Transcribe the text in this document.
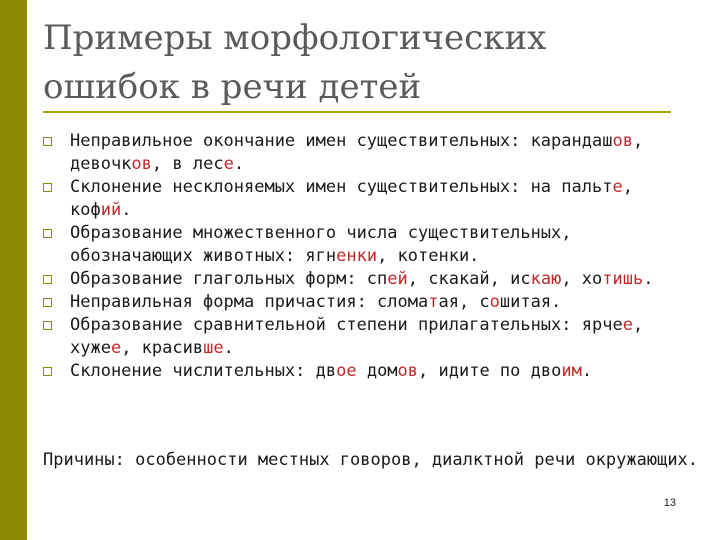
Примеры морфологических ошибок в речи детей
Неправильное окончание имен существительных: карандашов, девочков, в лесе.
Склонение несклоняемых имен существительных: на пальте, кофий.
Образование множественного числа существительных, обозначающих животных: ягненки, котенки.
Образование глагольных форм: спей, скакай, искаю, хотишь.
Неправильная форма причастия: сломатая, сошитая.
Образование сравнительной степени прилагательных: ярчее, хужее, красивше.
Склонение числительных: двое домов, идите по двоим.
Причины: особенности местных говоров, диалктной речи окружающих.
13
